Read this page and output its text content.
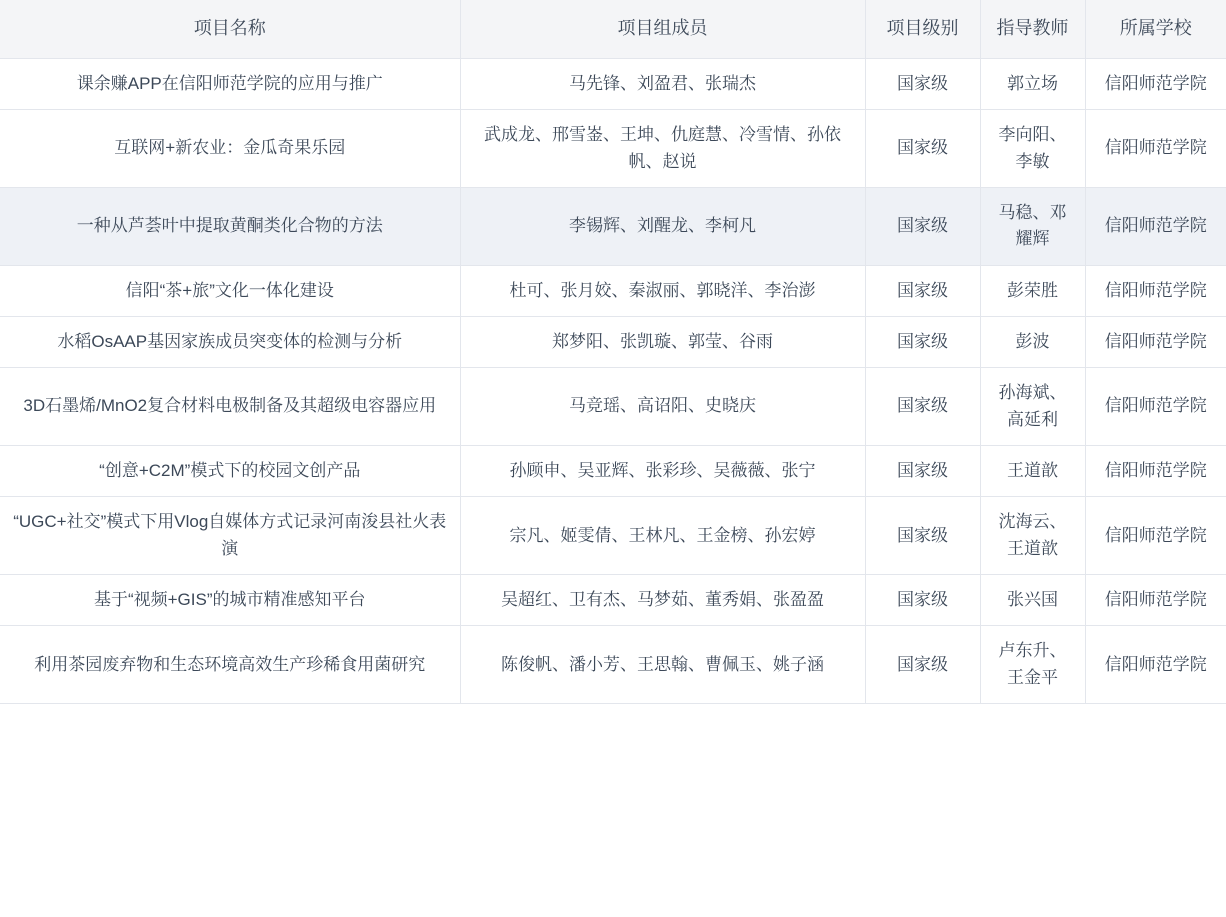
项目名称	项目组成员	项目级别	指导教师	所属学校
课余赚APP在信阳师范学院的应用与推广	马先锋、刘盈君、张瑞杰	国家级	郭立场	信阳师范学院
互联网+新农业：金瓜奇果乐园	武成龙、邢雪崟、王坤、仇庭慧、冷雪情、孙依帆、赵说	国家级	李向阳、李敏	信阳师范学院
一种从芦荟叶中提取黄酮类化合物的方法	李锡辉、刘醒龙、李柯凡	国家级	马稳、邓耀辉	信阳师范学院
信阳“茶+旅”文化一体化建设	杜可、张月姣、秦淑丽、郭晓洋、李治澎	国家级	彭荣胜	信阳师范学院
水稻OsAAP基因家族成员突变体的检测与分析	郑梦阳、张凯璇、郭莹、谷雨	国家级	彭波	信阳师范学院
3D石墨烯/MnO2复合材料电极制备及其超级电容器应用	马竞瑶、高诏阳、史晓庆	国家级	孙海斌、高延利	信阳师范学院
“创意+C2M”模式下的校园文创产品	孙顾申、吴亚辉、张彩珍、吴薇薇、张宁	国家级	王道歆	信阳师范学院
“UGC+社交”模式下用Vlog自媒体方式记录河南浚县社火表演	宗凡、姬雯倩、王林凡、王金榜、孙宏婷	国家级	沈海云、王道歆	信阳师范学院
基于“视频+GIS”的城市精准感知平台	吴超红、卫有杰、马梦茹、董秀娟、张盈盈	国家级	张兴国	信阳师范学院
利用茶园废弃物和生态环境高效生产珍稀食用菌研究	陈俊帆、潘小芳、王思翰、曹佩玉、姚子涵	国家级	卢东升、王金平	信阳师范学院
